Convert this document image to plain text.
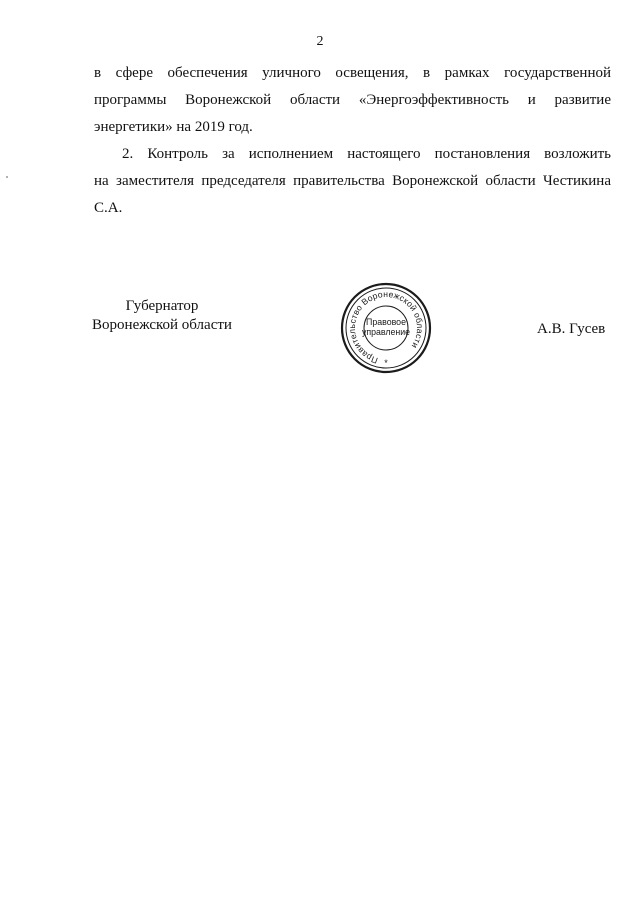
2

в сфере обеспечения уличного освещения, в рамках государственной
программы Воронежской области «Энергоэффективность и развитие
энергетики» на 2019 год.

2. Контроль за исполнением настоящего постановления возложить
на заместителя председателя правительства Воронежской области Честикина
С.А.

Губернатор
Воронежской области
Правительство Воронежской области
Правовое
управление
*
А.В. Гусев
